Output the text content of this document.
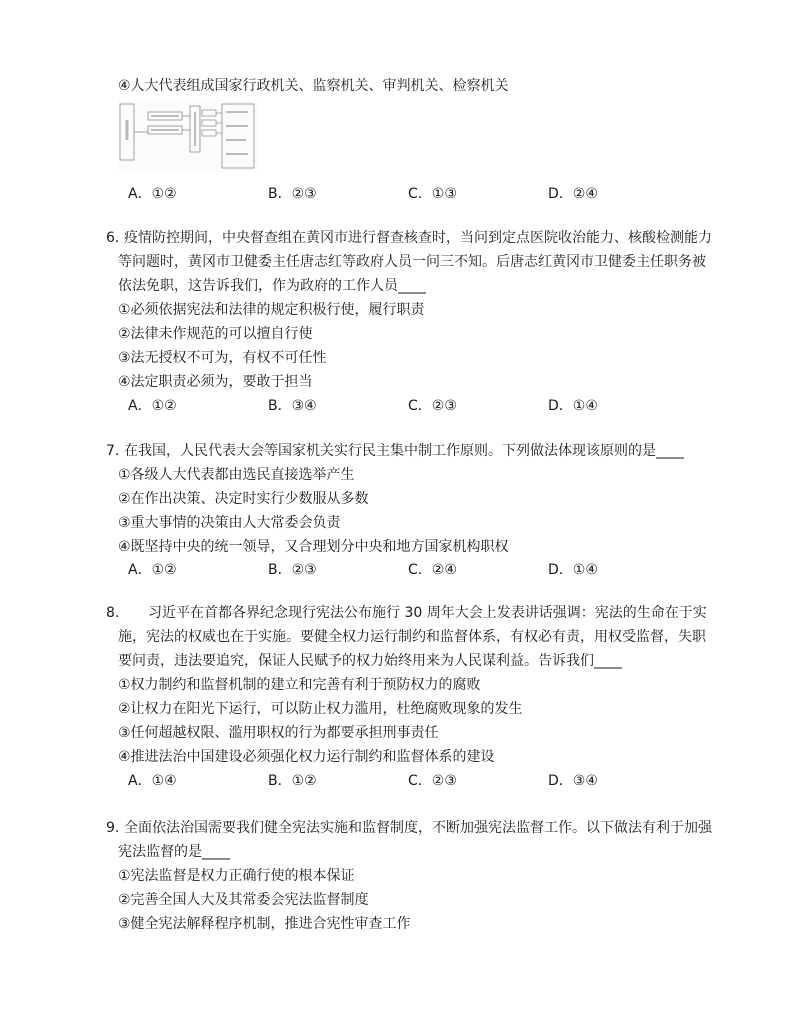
④人大代表组成国家行政机关、监察机关、审判机关、检察机关
A．①②	B．②③	C．①③	D．②④
6. 疫情防控期间，中央督查组在黄冈市进行督查核查时，当问到定点医院收治能力、核酸检测能力
等问题时，黄冈市卫健委主任唐志红等政府人员一问三不知。后唐志红黄冈市卫健委主任职务被
依法免职，这告诉我们，作为政府的工作人员____
①必须依据宪法和法律的规定积极行使，履行职责
②法律未作规范的可以擅自行使
③法无授权不可为，有权不可任性
④法定职责必须为，要敢于担当
A．①②	B．③④	C．②③	D．①④
7. 在我国，人民代表大会等国家机关实行民主集中制工作原则。下列做法体现该原则的是____
①各级人大代表都由选民直接选举产生
②在作出决策、决定时实行少数服从多数
③重大事情的决策由人大常委会负责
④既坚持中央的统一领导，又合理划分中央和地方国家机构职权
A．①②	B．②③	C．②④	D．①④
8. 习近平在首都各界纪念现行宪法公布施行 30 周年大会上发表讲话强调：宪法的生命在于实
施，宪法的权威也在于实施。要健全权力运行制约和监督体系，有权必有责，用权受监督，失职
要问责，违法要追究，保证人民赋予的权力始终用来为人民谋利益。告诉我们____
①权力制约和监督机制的建立和完善有利于预防权力的腐败
②让权力在阳光下运行，可以防止权力滥用，杜绝腐败现象的发生
③任何超越权限、滥用职权的行为都要承担刑事责任
④推进法治中国建设必须强化权力运行制约和监督体系的建设
A．①④	B．①②	C．②③	D．③④
9. 全面依法治国需要我们健全宪法实施和监督制度，不断加强宪法监督工作。以下做法有利于加强
宪法监督的是____
①宪法监督是权力正确行使的根本保证
②完善全国人大及其常委会宪法监督制度
③健全宪法解释程序机制，推进合宪性审查工作
